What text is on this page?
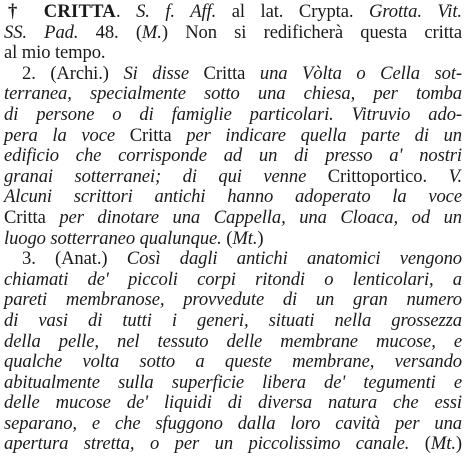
† CRITTA. S. f. Aff. al lat. Crypta. Grotta. Vit.
SS. Pad. 48. (M.) Non si redificherà questa critta
al mio tempo.
2. (Archi.) Si disse Critta una Vòlta o Cella sot-
terranea, specialmente sotto una chiesa, per tomba
di persone o di famiglie particolari. Vitruvio ado-
pera la voce Critta per indicare quella parte di un
edificio che corrisponde ad un di presso a' nostri
granai sotterranei; di qui venne Crittoportico. V.
Alcuni scrittori antichi hanno adoperato la voce
Critta per dinotare una Cappella, una Cloaca, od un
luogo sotterraneo qualunque. (Mt.)
3. (Anat.) Così dagli antichi anatomici vengono
chiamati de' piccoli corpi ritondi o lenticolari, a
pareti membranose, provvedute di un gran numero
di vasi di tutti i generi, situati nella grossezza
della pelle, nel tessuto delle membrane mucose, e
qualche volta sotto a queste membrane, versando
abitualmente sulla superficie libera de' tegumenti e
delle mucose de' liquidi di diversa natura che essi
separano, e che sfuggono dalla loro cavità per una
apertura stretta, o per un piccolissimo canale. (Mt.)
